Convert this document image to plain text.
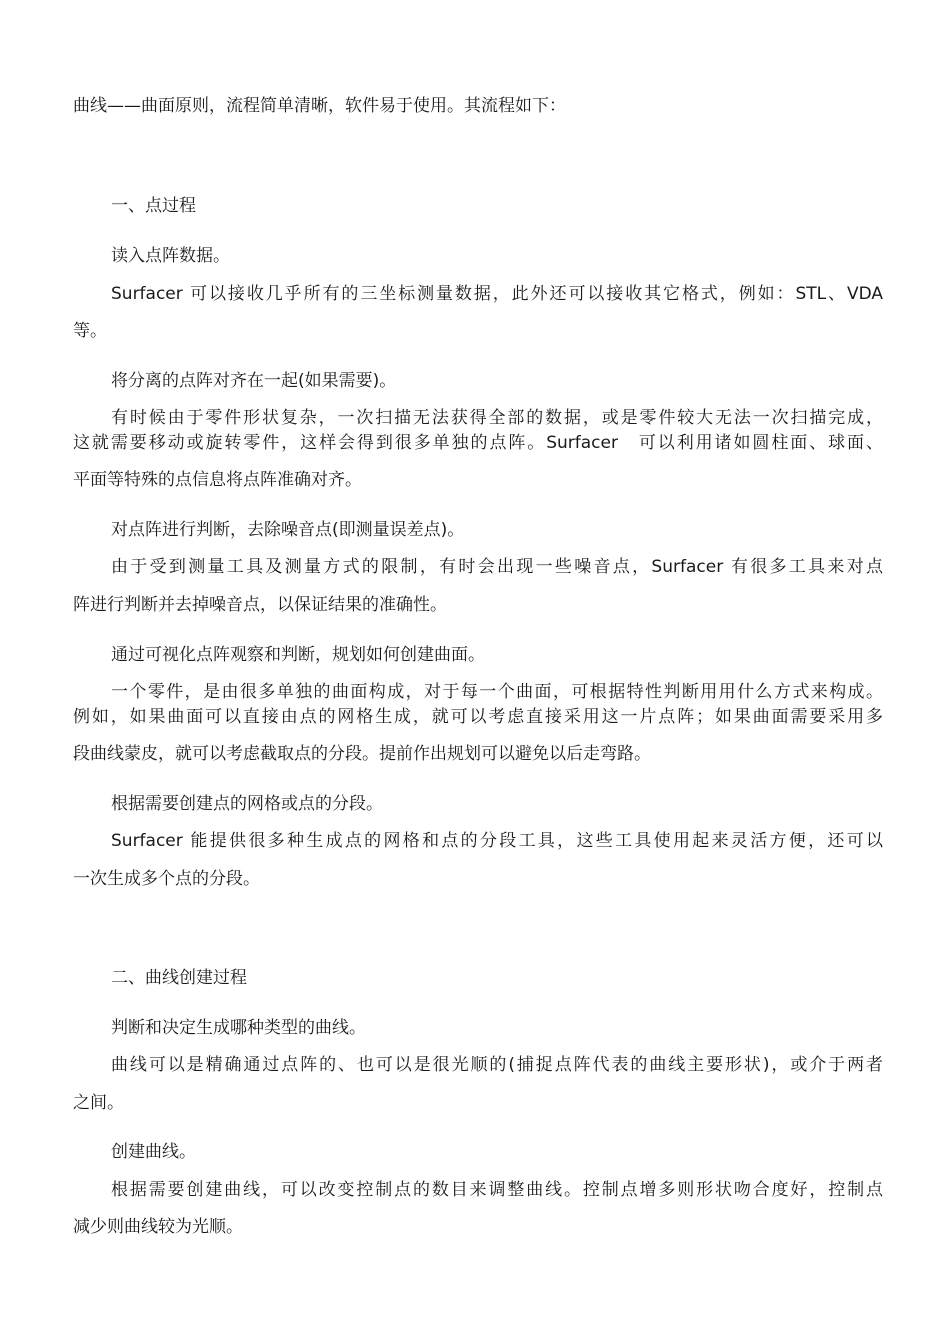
曲线——曲面原则，流程简单清晰，软件易于使用。其流程如下：
一、点过程
读入点阵数据。
Surfacer 可以接收几乎所有的三坐标测量数据，此外还可以接收其它格式，例如：STL、VDA
等。
将分离的点阵对齐在一起(如果需要)。
有时候由于零件形状复杂，一次扫描无法获得全部的数据，或是零件较大无法一次扫描完成，
这就需要移动或旋转零件，这样会得到很多单独的点阵。Surfacer　可以利用诸如圆柱面、球面、
平面等特殊的点信息将点阵准确对齐。
对点阵进行判断，去除噪音点(即测量误差点)。
由于受到测量工具及测量方式的限制，有时会出现一些噪音点，Surfacer 有很多工具来对点
阵进行判断并去掉噪音点，以保证结果的准确性。
通过可视化点阵观察和判断，规划如何创建曲面。
一个零件，是由很多单独的曲面构成，对于每一个曲面，可根据特性判断用用什么方式来构成。
例如，如果曲面可以直接由点的网格生成，就可以考虑直接采用这一片点阵；如果曲面需要采用多
段曲线蒙皮，就可以考虑截取点的分段。提前作出规划可以避免以后走弯路。
根据需要创建点的网格或点的分段。
Surfacer 能提供很多种生成点的网格和点的分段工具，这些工具使用起来灵活方便，还可以
一次生成多个点的分段。
二、曲线创建过程
判断和决定生成哪种类型的曲线。
曲线可以是精确通过点阵的、也可以是很光顺的(捕捉点阵代表的曲线主要形状)，或介于两者
之间。
创建曲线。
根据需要创建曲线，可以改变控制点的数目来调整曲线。控制点增多则形状吻合度好，控制点
减少则曲线较为光顺。
